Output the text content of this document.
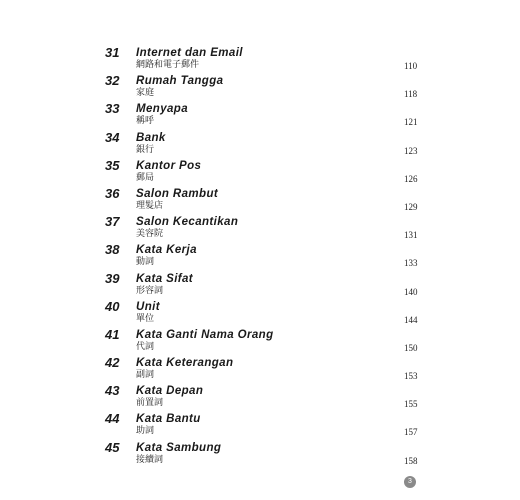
31	Internet dan Email
網路和電子郵件	110
32	Rumah Tangga
家庭	118
33	Menyapa
稱呼	121
34	Bank
銀行	123
35	Kantor Pos
郵局	126
36	Salon Rambut
理髮店	129
37	Salon Kecantikan
美容院	131
38	Kata Kerja
動詞	133
39	Kata Sifat
形容詞	140
40	Unit
單位	144
41	Kata Ganti Nama Orang
代詞	150
42	Kata Keterangan
副詞	153
43	Kata Depan
前置詞	155
44	Kata Bantu
助詞	157
45	Kata Sambung
接續詞	158
3
